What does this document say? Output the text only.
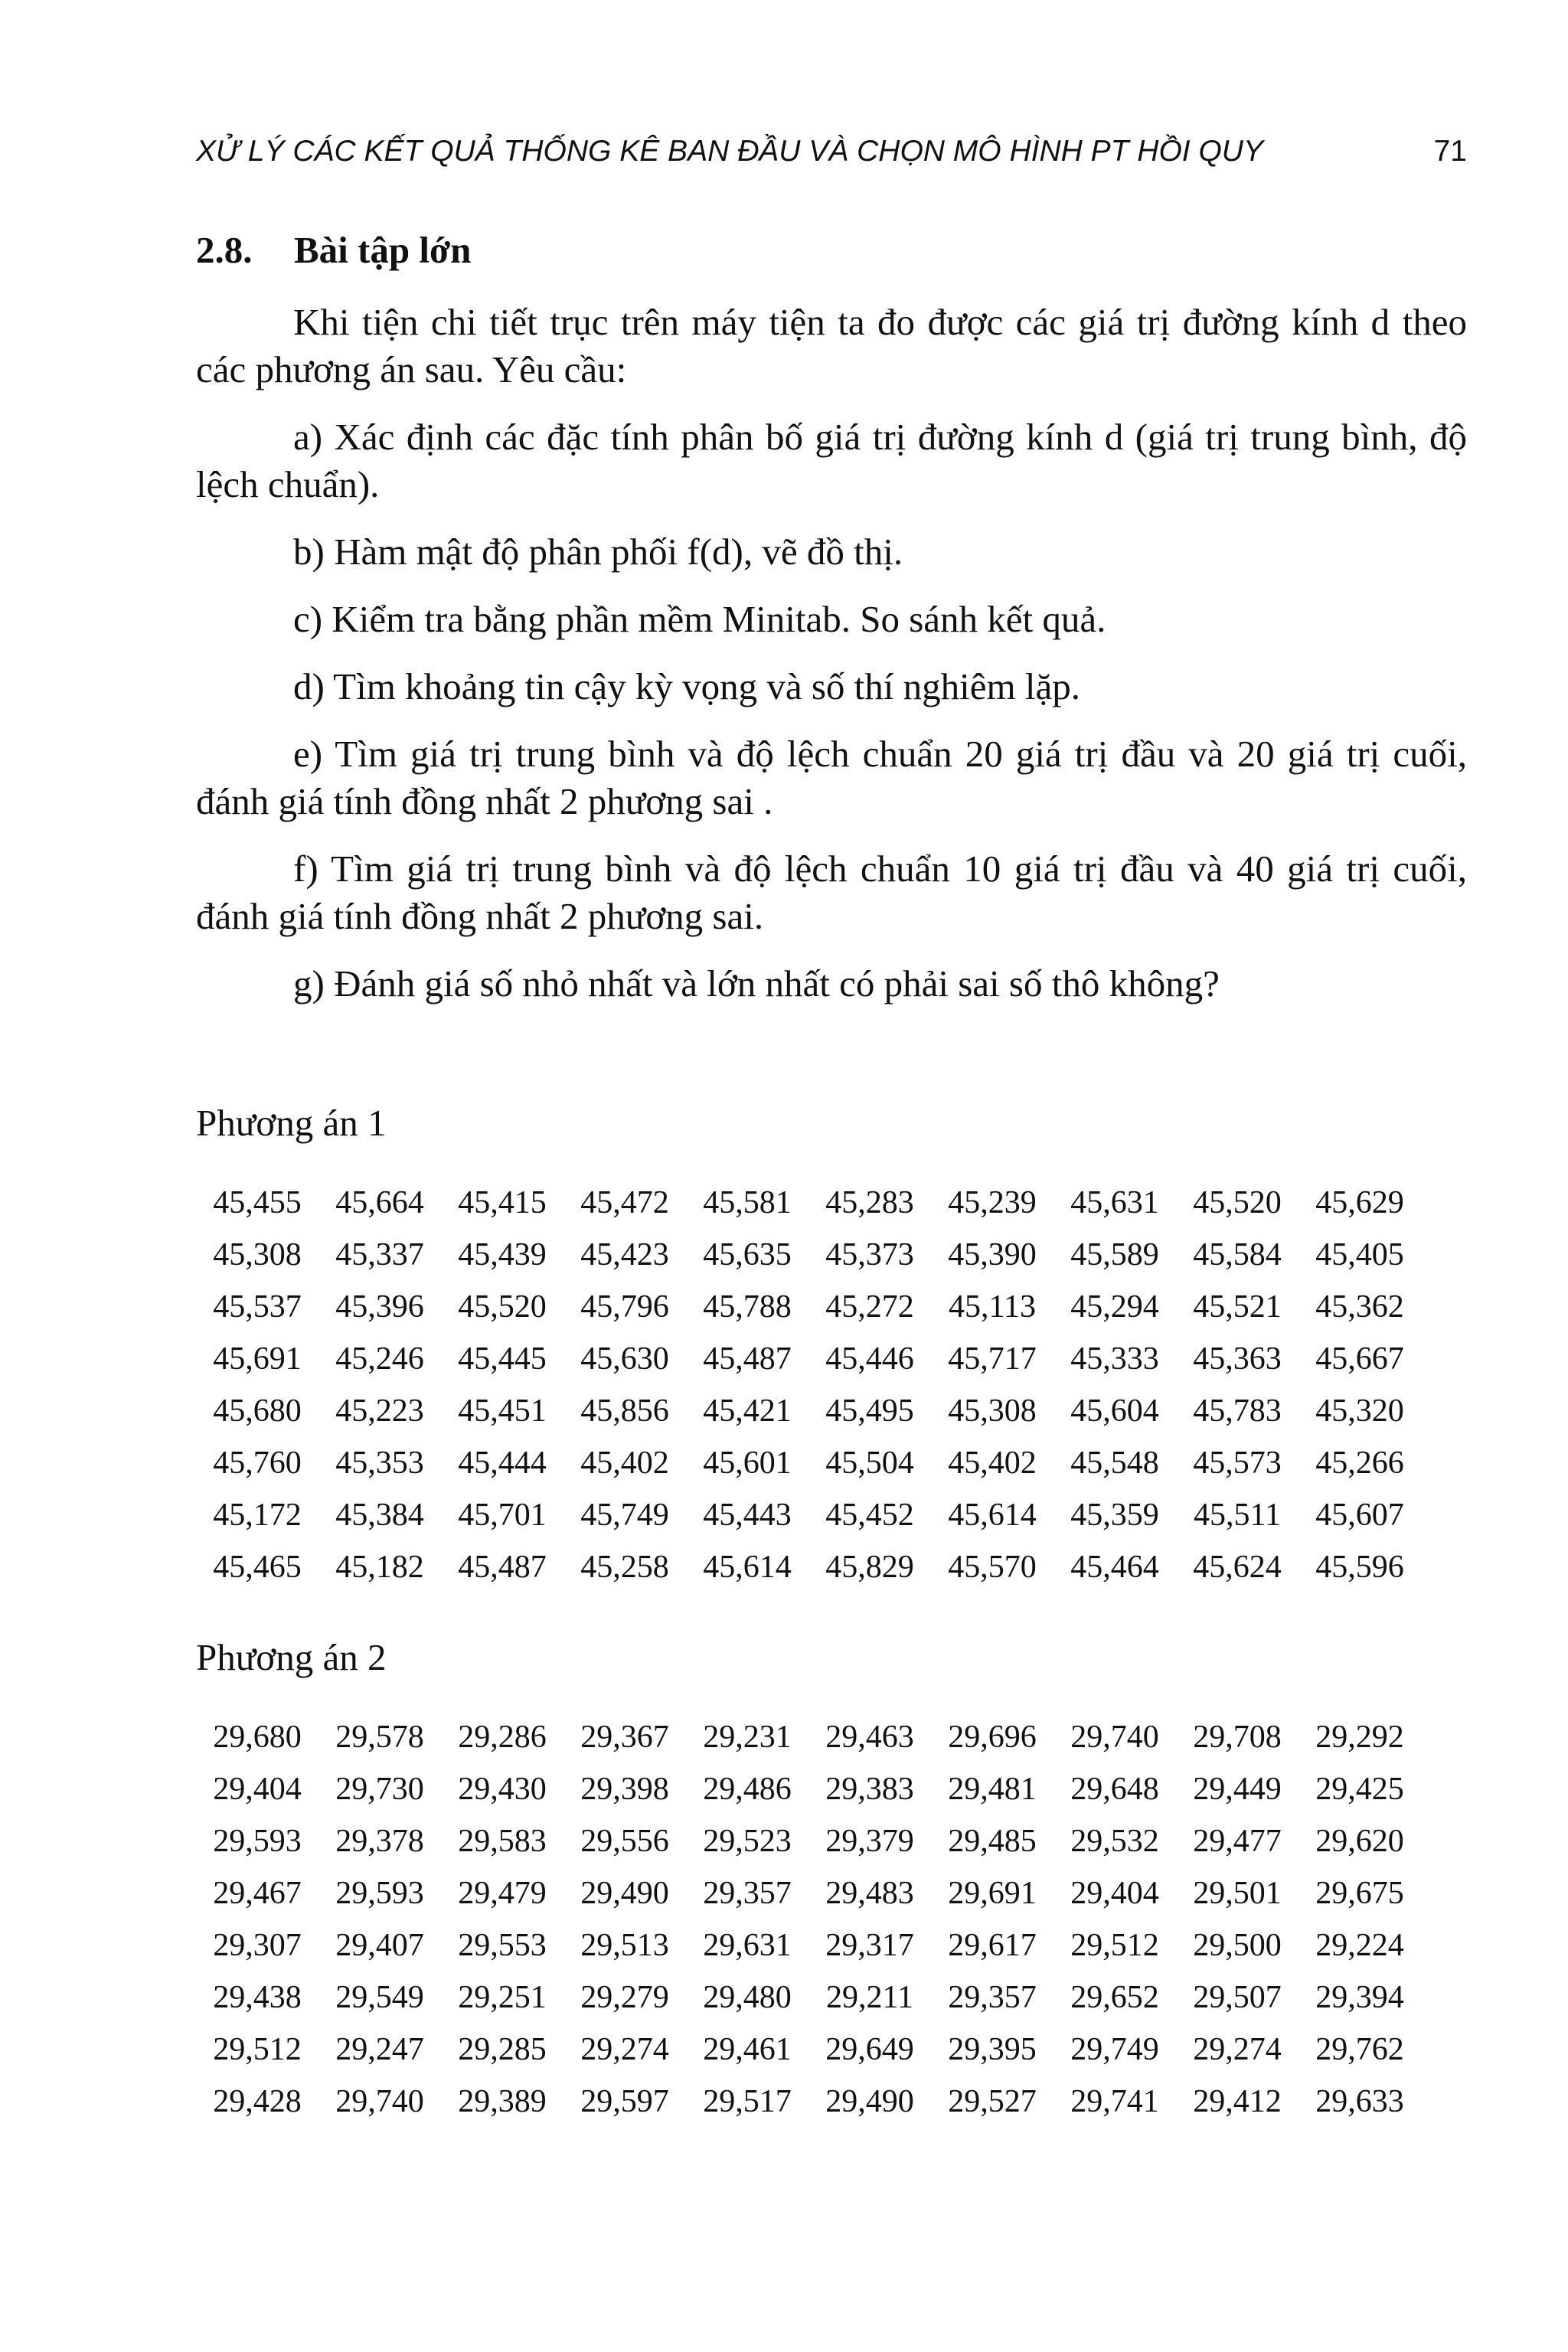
XỬ LÝ CÁC KẾT QUẢ THỐNG KÊ BAN ĐẦU VÀ CHỌN MÔ HÌNH PT HỒI QUY	71
2.8. Bài tập lớn

Khi tiện chi tiết trục trên máy tiện ta đo được các giá trị đường kính d theo các phương án sau. Yêu cầu:

a) Xác định các đặc tính phân bố giá trị đường kính d (giá trị trung bình, độ lệch chuẩn).

b) Hàm mật độ phân phối f(d), vẽ đồ thị.

c) Kiểm tra bằng phần mềm Minitab. So sánh kết quả.

d) Tìm khoảng tin cậy kỳ vọng và số thí nghiêm lặp.

e) Tìm giá trị trung bình và độ lệch chuẩn 20 giá trị đầu và 20 giá trị cuối, đánh giá tính đồng nhất 2 phương sai .

f) Tìm giá trị trung bình và độ lệch chuẩn 10 giá trị đầu và 40 giá trị cuối, đánh giá tính đồng nhất 2 phương sai.

g) Đánh giá số nhỏ nhất và lớn nhất có phải sai số thô không?

Phương án 1
45,455	45,664	45,415	45,472	45,581	45,283	45,239	45,631	45,520	45,629
45,308	45,337	45,439	45,423	45,635	45,373	45,390	45,589	45,584	45,405
45,537	45,396	45,520	45,796	45,788	45,272	45,113	45,294	45,521	45,362
45,691	45,246	45,445	45,630	45,487	45,446	45,717	45,333	45,363	45,667
45,680	45,223	45,451	45,856	45,421	45,495	45,308	45,604	45,783	45,320
45,760	45,353	45,444	45,402	45,601	45,504	45,402	45,548	45,573	45,266
45,172	45,384	45,701	45,749	45,443	45,452	45,614	45,359	45,511	45,607
45,465	45,182	45,487	45,258	45,614	45,829	45,570	45,464	45,624	45,596
Phương án 2
29,680	29,578	29,286	29,367	29,231	29,463	29,696	29,740	29,708	29,292
29,404	29,730	29,430	29,398	29,486	29,383	29,481	29,648	29,449	29,425
29,593	29,378	29,583	29,556	29,523	29,379	29,485	29,532	29,477	29,620
29,467	29,593	29,479	29,490	29,357	29,483	29,691	29,404	29,501	29,675
29,307	29,407	29,553	29,513	29,631	29,317	29,617	29,512	29,500	29,224
29,438	29,549	29,251	29,279	29,480	29,211	29,357	29,652	29,507	29,394
29,512	29,247	29,285	29,274	29,461	29,649	29,395	29,749	29,274	29,762
29,428	29,740	29,389	29,597	29,517	29,490	29,527	29,741	29,412	29,633
